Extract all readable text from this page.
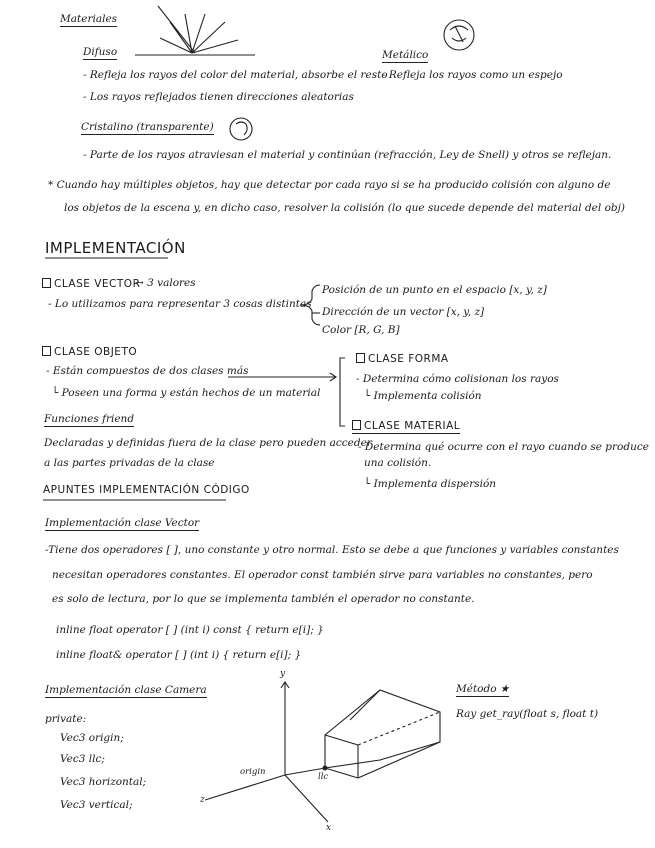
Materiales
Difuso
- Refleja los rayos del color del material, absorbe el resto
- Los rayos reflejados tienen direcciones aleatorias
Metálico
- Refleja los rayos como un espejo
Cristalino (transparente)
- Parte de los rayos atraviesan el material y continúan (refracción, Ley de Snell) y otros se reflejan.
* Cuando hay múltiples objetos, hay que detectar por cada rayo si se ha producido colisión con alguno de
los objetos de la escena y, en dicho caso, resolver la colisión (lo que sucede depende del material del obj)
IMPLEMENTACIÓN
CLASE VECTOR
→ 3 valores
- Lo utilizamos para representar 3 cosas distintas
Posición de un punto en el espacio [x, y, z]
Dirección de un vector [x, y, z]
Color [R, G, B]
CLASE OBJETO
- Están compuestos de dos clases más
└ Poseen una forma y están hechos de un material
CLASE FORMA
- Determina cómo colisionan los rayos
└ Implementa colisión
CLASE MATERIAL
- Determina qué ocurre con el rayo cuando se produce
una colisión.
└ Implementa dispersión
Funciones friend
Declaradas y definidas fuera de la clase pero pueden acceder
a las partes privadas de la clase
APUNTES IMPLEMENTACIÓN CÓDIGO
Implementación clase Vector
-Tiene dos operadores [ ], uno constante y otro normal. Esto se debe a que funciones y variables constantes
necesitan operadores constantes. El operador const también sirve para variables no constantes, pero
es solo de lectura, por lo que se implementa también el operador no constante.
inline float operator [ ] (int i) const { return e[i]; }
inline float& operator [ ] (int i) { return e[i]; }
Implementación clase Camera
private:
Vec3 origin;
Vec3 llc;
Vec3 horizontal;
Vec3 vertical;
Método ★
Ray get_ray(float s, float t)
y
x
z
origin	llc
